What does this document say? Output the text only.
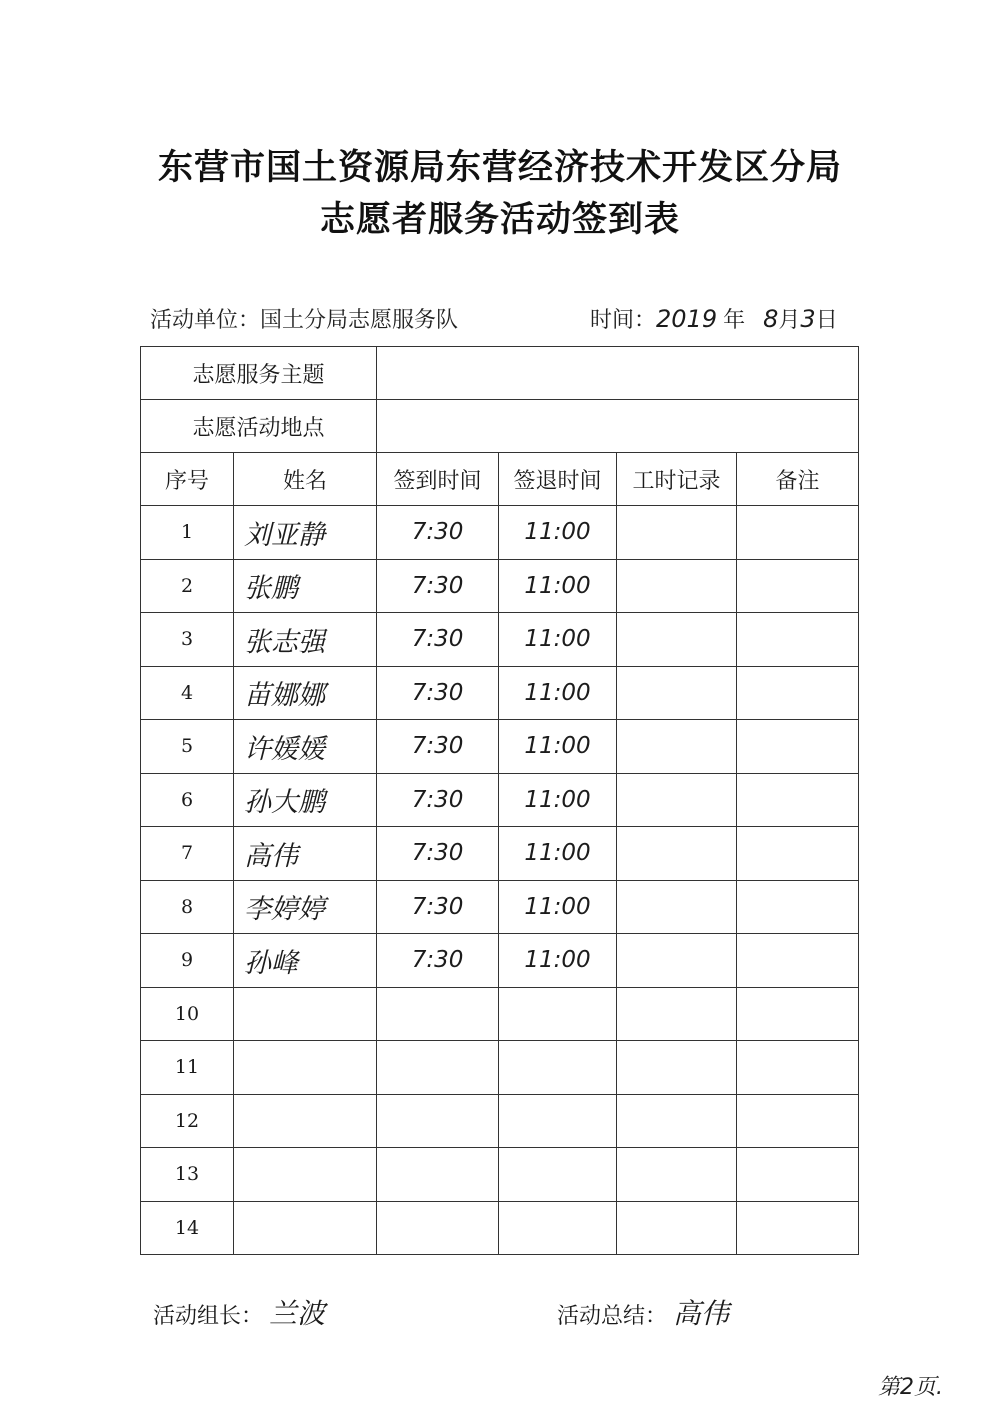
东营市国土资源局东营经济技术开发区分局
志愿者服务活动签到表
活动单位：国土分局志愿服务队	时间：2019 年 8月3日
志愿服务主题					
志愿活动地点					
序号	姓名	签到时间	签退时间	工时记录	备注
1	刘亚静	7:30	11:00		
2	张鹏	7:30	11:00		
3	张志强	7:30	11:00		
4	苗娜娜	7:30	11:00		
5	许媛媛	7:30	11:00		
6	孙大鹏	7:30	11:00		
7	高伟	7:30	11:00		
8	李婷婷	7:30	11:00		
9	孙峰	7:30	11:00		
10					
11					
12					
13					
14					
活动组长： 兰波	活动总结： 高伟
第2页.
